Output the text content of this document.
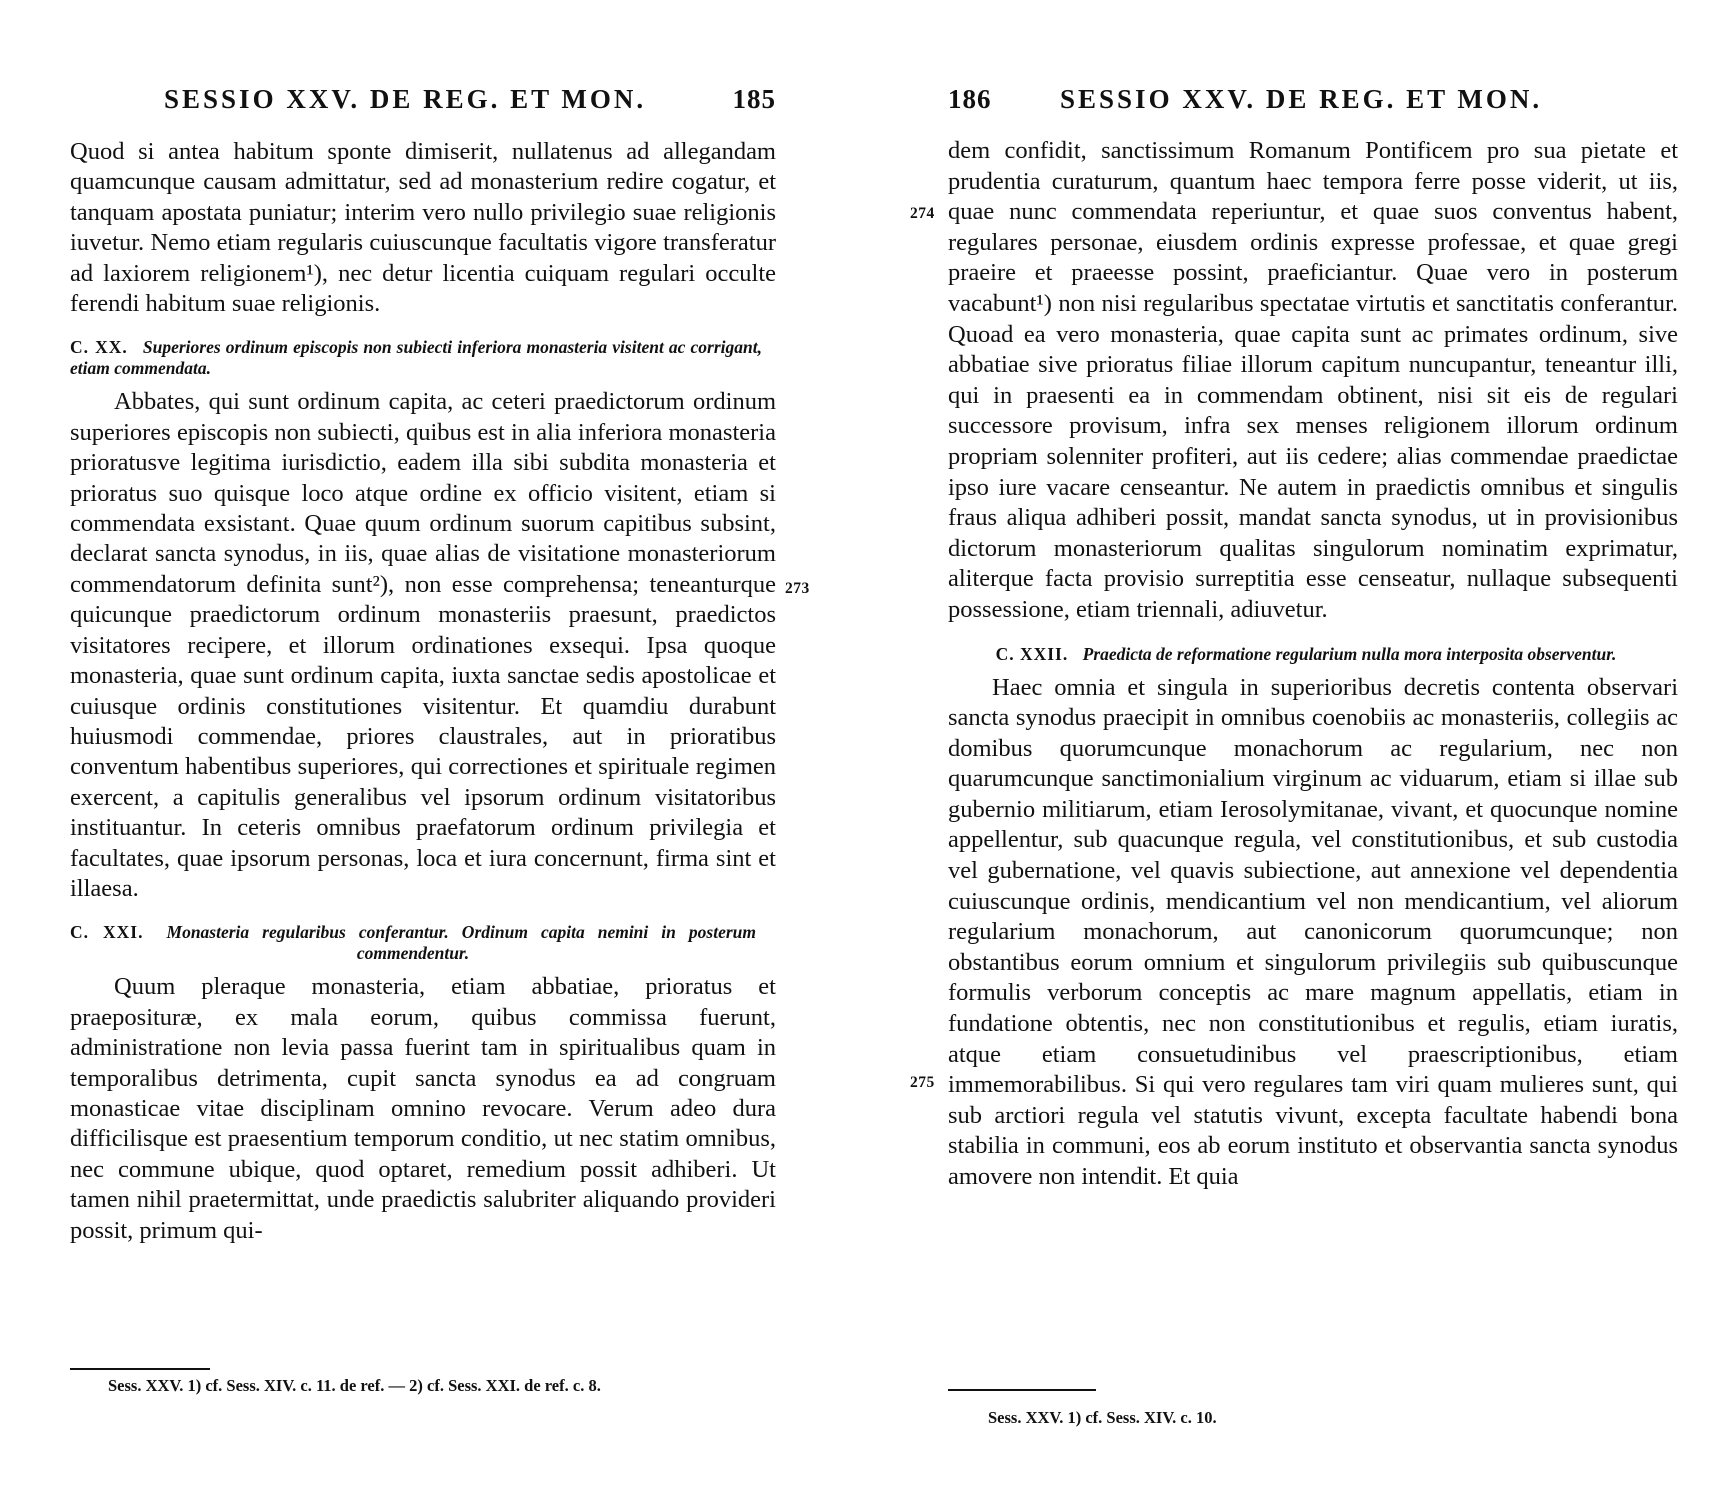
SESSIO XXV. DE REG. ET MON.	185

Quod si antea habitum sponte dimiserit, nullatenus ad allegandam quamcunque causam admittatur, sed ad monasterium redire cogatur, et tanquam apostata puniatur; interim vero nullo privilegio suae religionis iuvetur. Nemo etiam regularis cuiuscunque facultatis vigore transferatur ad laxiorem religionem¹), nec detur licentia cuiquam regulari occulte ferendi habitum suae religionis.

C. XX. Superiores ordinum episcopis non subiecti inferiora monasteria visitent ac corrigant, etiam commendata.

Abbates, qui sunt ordinum capita, ac ceteri praedictorum ordinum superiores episcopis non subiecti, quibus est in alia inferiora monasteria prioratusve legitima iurisdictio, eadem illa sibi subdita monasteria et prioratus suo quisque loco atque ordine ex officio visitent, etiam si commendata exsistant. Quae quum ordinum suorum capitibus subsint, declarat sancta synodus, in iis, quae alias de visitatione monasteriorum commendatorum definita sunt²), non esse comprehensa; teneanturque quicunque praedictorum ordinum monasteriis praesunt, praedictos visitatores recipere, et illorum ordinationes exsequi. Ipsa quoque monasteria, quae sunt ordinum capita, iuxta sanctae sedis apostolicae et cuiusque ordinis constitutiones visitentur. Et quamdiu durabunt huiusmodi commendae, priores claustrales, aut in prioratibus conventum habentibus superiores, qui correctiones et spirituale regimen exercent, a capitulis generalibus vel ipsorum ordinum visitatoribus instituantur. In ceteris omnibus praefatorum ordinum privilegia et facultates, quae ipsorum personas, loca et iura concernunt, firma sint et illaesa.

C. XXI. Monasteria regularibus conferantur. Ordinum capita nemini in posterum commendentur.

Quum pleraque monasteria, etiam abbatiae, prioratus et praeposituræ, ex mala eorum, quibus commissa fuerunt, administratione non levia passa fuerint tam in spiritualibus quam in temporalibus detrimenta, cupit sancta synodus ea ad congruam monasticae vitae disciplinam omnino revocare. Verum adeo dura difficilisque est praesentium temporum conditio, ut nec statim omnibus, nec commune ubique, quod optaret, remedium possit adhiberi. Ut tamen nihil praetermittat, unde praedictis salubriter aliquando provideri possit, primum qui-

Sess. XXV. 1) cf. Sess. XIV. c. 11. de ref. — 2) cf. Sess. XXI. de ref. c. 8.
273
186	SESSIO XXV. DE REG. ET MON.

dem confidit, sanctissimum Romanum Pontificem pro sua pietate et prudentia curaturum, quantum haec tempora ferre posse viderit, ut iis, quae nunc commendata reperiuntur, et quae suos conventus habent, regulares personae, eiusdem ordinis expresse professae, et quae gregi praeire et praeesse possint, praeficiantur. Quae vero in posterum vacabunt¹) non nisi regularibus spectatae virtutis et sanctitatis conferantur. Quoad ea vero monasteria, quae capita sunt ac primates ordinum, sive abbatiae sive prioratus filiae illorum capitum nuncupantur, teneantur illi, qui in praesenti ea in commendam obtinent, nisi sit eis de regulari successore provisum, infra sex menses religionem illorum ordinum propriam solenniter profiteri, aut iis cedere; alias commendae praedictae ipso iure vacare censeantur. Ne autem in praedictis omnibus et singulis fraus aliqua adhiberi possit, mandat sancta synodus, ut in provisionibus dictorum monasteriorum qualitas singulorum nominatim exprimatur, aliterque facta provisio surreptitia esse censeatur, nullaque subsequenti possessione, etiam triennali, adiuvetur.

C. XXII. Praedicta de reformatione regularium nulla mora interposita observentur.

Haec omnia et singula in superioribus decretis contenta observari sancta synodus praecipit in omnibus coenobiis ac monasteriis, collegiis ac domibus quorumcunque monachorum ac regularium, nec non quarumcunque sanctimonialium virginum ac viduarum, etiam si illae sub gubernio militiarum, etiam Ierosolymitanae, vivant, et quocunque nomine appellentur, sub quacunque regula, vel constitutionibus, et sub custodia vel gubernatione, vel quavis subiectione, aut annexione vel dependentia cuiuscunque ordinis, mendicantium vel non mendicantium, vel aliorum regularium monachorum, aut canonicorum quorumcunque; non obstantibus eorum omnium et singulorum privilegiis sub quibuscunque formulis verborum conceptis ac mare magnum appellatis, etiam in fundatione obtentis, nec non constitutionibus et regulis, etiam iuratis, atque etiam consuetudinibus vel praescriptionibus, etiam immemorabilibus. Si qui vero regulares tam viri quam mulieres sunt, qui sub arctiori regula vel statutis vivunt, excepta facultate habendi bona stabilia in communi, eos ab eorum instituto et observantia sancta synodus amovere non intendit. Et quia

Sess. XXV. 1) cf. Sess. XIV. c. 10.
274
275
